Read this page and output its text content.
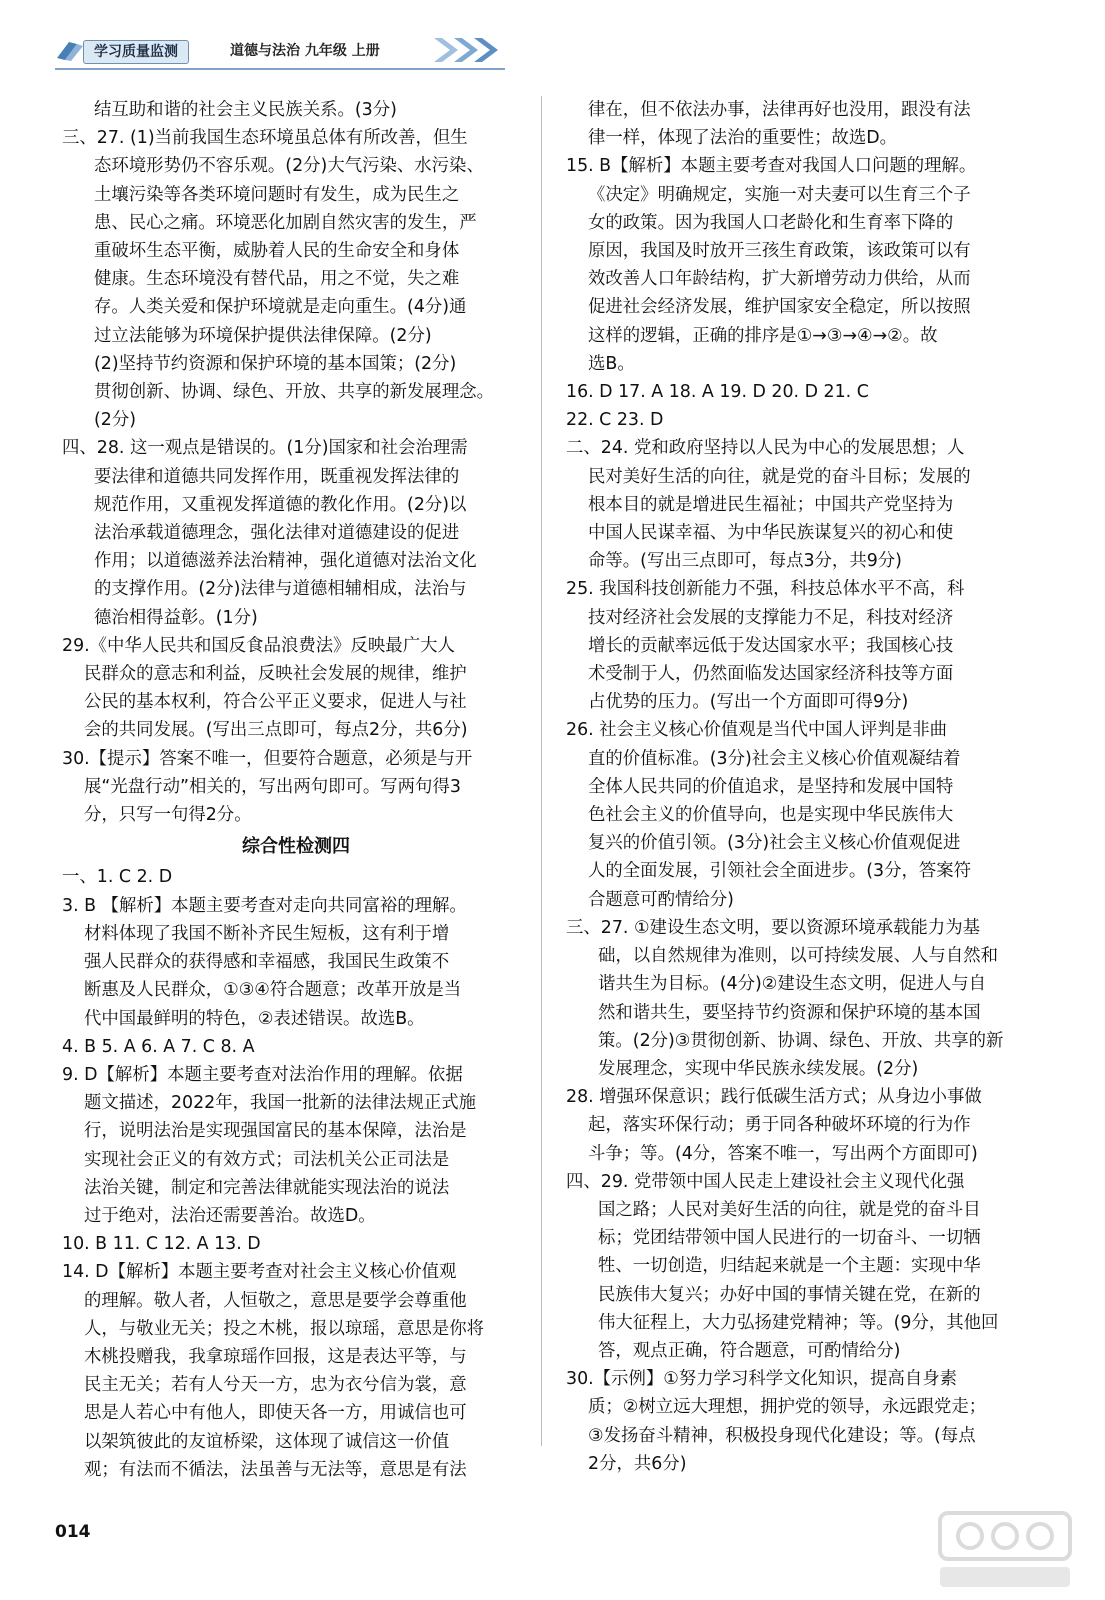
学习质量监测	道德与法治 九年级 上册

结互助和谐的社会主义民族关系。(3分)

三、27. (1)当前我国生态环境虽总体有所改善，但生

态环境形势仍不容乐观。(2分)大气污染、水污染、

土壤污染等各类环境问题时有发生，成为民生之

患、民心之痛。环境恶化加剧自然灾害的发生，严

重破坏生态平衡，威胁着人民的生命安全和身体

健康。生态环境没有替代品，用之不觉，失之难

存。人类关爱和保护环境就是走向重生。(4分)通

过立法能够为环境保护提供法律保障。(2分)

(2)坚持节约资源和保护环境的基本国策；(2分)

贯彻创新、协调、绿色、开放、共享的新发展理念。

(2分)

四、28. 这一观点是错误的。(1分)国家和社会治理需

要法律和道德共同发挥作用，既重视发挥法律的

规范作用，又重视发挥道德的教化作用。(2分)以

法治承载道德理念，强化法律对道德建设的促进

作用；以道德滋养法治精神，强化道德对法治文化

的支撑作用。(2分)法律与道德相辅相成，法治与

德治相得益彰。(1分)

29.《中华人民共和国反食品浪费法》反映最广大人

民群众的意志和利益，反映社会发展的规律，维护

公民的基本权利，符合公平正义要求，促进人与社

会的共同发展。(写出三点即可，每点2分，共6分)

30.【提示】答案不唯一，但要符合题意，必须是与开

展“光盘行动”相关的，写出两句即可。写两句得3

分，只写一句得2分。

综合性检测四

一、1. C 2. D

3. B 【解析】本题主要考查对走向共同富裕的理解。

材料体现了我国不断补齐民生短板，这有利于增

强人民群众的获得感和幸福感，我国民生政策不

断惠及人民群众，①③④符合题意；改革开放是当

代中国最鲜明的特色，②表述错误。故选B。

4. B 5. A 6. A 7. C 8. A

9. D【解析】本题主要考查对法治作用的理解。依据

题文描述，2022年，我国一批新的法律法规正式施

行，说明法治是实现强国富民的基本保障，法治是

实现社会正义的有效方式；司法机关公正司法是

法治关键，制定和完善法律就能实现法治的说法

过于绝对，法治还需要善治。故选D。

10. B 11. C 12. A 13. D

14. D【解析】本题主要考查对社会主义核心价值观

的理解。敬人者，人恒敬之，意思是要学会尊重他

人，与敬业无关；投之木桃，报以琼瑶，意思是你将

木桃投赠我，我拿琼瑶作回报，这是表达平等，与

民主无关；若有人兮天一方，忠为衣兮信为裳，意

思是人若心中有他人，即使天各一方，用诚信也可

以架筑彼此的友谊桥梁，这体现了诚信这一价值

观；有法而不循法，法虽善与无法等，意思是有法

律在，但不依法办事，法律再好也没用，跟没有法

律一样，体现了法治的重要性；故选D。

15. B【解析】本题主要考查对我国人口问题的理解。

《决定》明确规定，实施一对夫妻可以生育三个子

女的政策。因为我国人口老龄化和生育率下降的

原因，我国及时放开三孩生育政策，该政策可以有

效改善人口年龄结构，扩大新增劳动力供给，从而

促进社会经济发展，维护国家安全稳定，所以按照

这样的逻辑，正确的排序是①→③→④→②。故

选B。

16. D 17. A 18. A 19. D 20. D 21. C

22. C 23. D

二、24. 党和政府坚持以人民为中心的发展思想；人

民对美好生活的向往，就是党的奋斗目标；发展的

根本目的就是增进民生福祉；中国共产党坚持为

中国人民谋幸福、为中华民族谋复兴的初心和使

命等。(写出三点即可，每点3分，共9分)

25. 我国科技创新能力不强，科技总体水平不高，科

技对经济社会发展的支撑能力不足，科技对经济

增长的贡献率远低于发达国家水平；我国核心技

术受制于人，仍然面临发达国家经济科技等方面

占优势的压力。(写出一个方面即可得9分)

26. 社会主义核心价值观是当代中国人评判是非曲

直的价值标准。(3分)社会主义核心价值观凝结着

全体人民共同的价值追求，是坚持和发展中国特

色社会主义的价值导向，也是实现中华民族伟大

复兴的价值引领。(3分)社会主义核心价值观促进

人的全面发展，引领社会全面进步。(3分，答案符

合题意可酌情给分)

三、27. ①建设生态文明，要以资源环境承载能力为基

础，以自然规律为准则，以可持续发展、人与自然和

谐共生为目标。(4分)②建设生态文明，促进人与自

然和谐共生，要坚持节约资源和保护环境的基本国

策。(2分)③贯彻创新、协调、绿色、开放、共享的新

发展理念，实现中华民族永续发展。(2分)

28. 增强环保意识；践行低碳生活方式；从身边小事做

起，落实环保行动；勇于同各种破坏环境的行为作

斗争；等。(4分，答案不唯一，写出两个方面即可)

四、29. 党带领中国人民走上建设社会主义现代化强

国之路；人民对美好生活的向往，就是党的奋斗目

标；党团结带领中国人民进行的一切奋斗、一切牺

牲、一切创造，归结起来就是一个主题：实现中华

民族伟大复兴；办好中国的事情关键在党，在新的

伟大征程上，大力弘扬建党精神；等。(9分，其他回

答，观点正确，符合题意，可酌情给分)

30.【示例】①努力学习科学文化知识，提高自身素

质；②树立远大理想，拥护党的领导，永远跟党走；

③发扬奋斗精神，积极投身现代化建设；等。(每点

2分，共6分)

014
